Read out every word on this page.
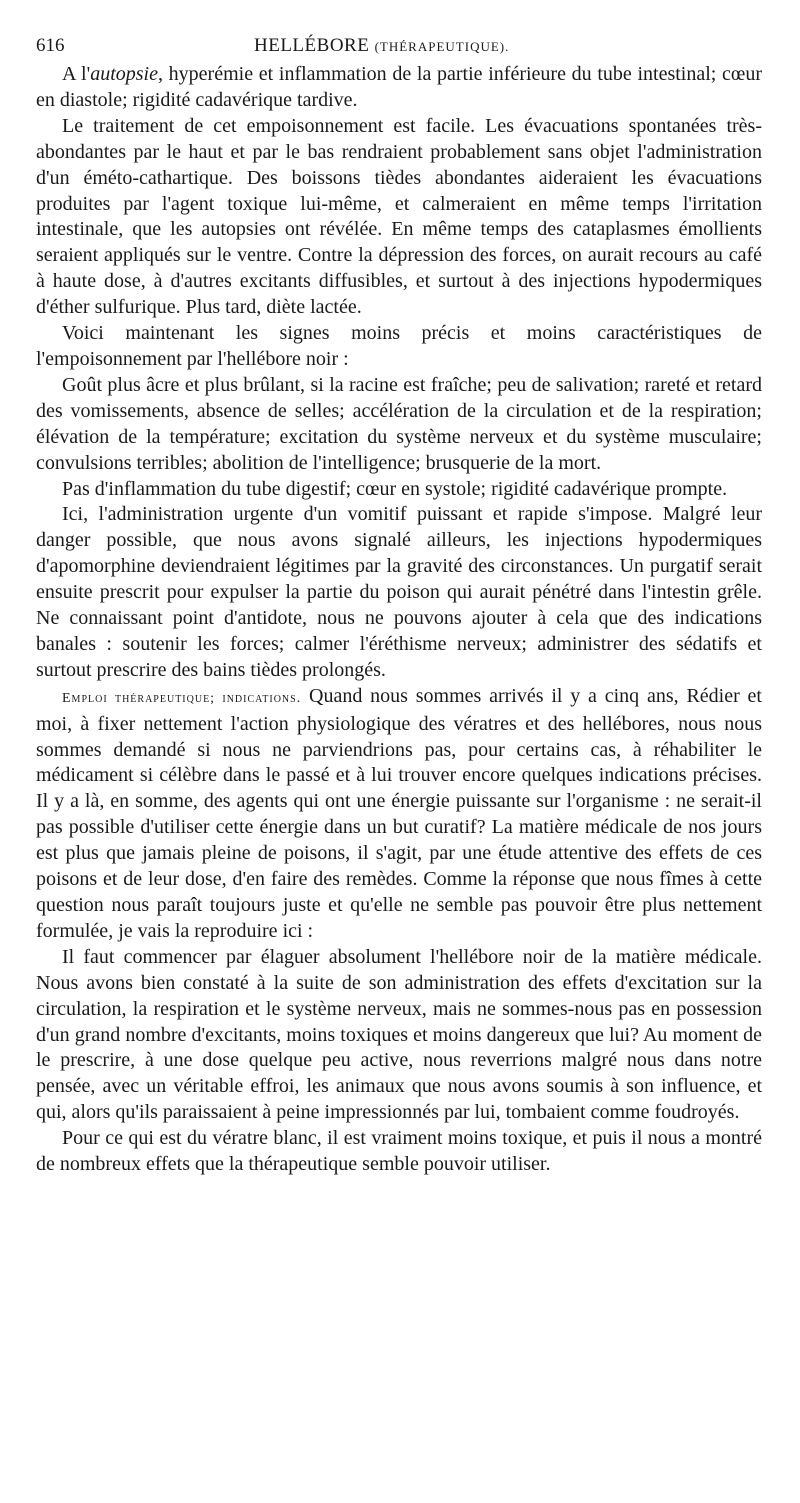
616	HELLÉBORE (THÉRAPEUTIQUE).

A l'autopsie, hyperémie et inflammation de la partie inférieure du tube intestinal; cœur en diastole; rigidité cadavérique tardive.

Le traitement de cet empoisonnement est facile. Les évacuations spontanées très-abondantes par le haut et par le bas rendraient probablement sans objet l'administration d'un éméto-cathartique. Des boissons tièdes abondantes aideraient les évacuations produites par l'agent toxique lui-même, et calmeraient en même temps l'irritation intestinale, que les autopsies ont révélée. En même temps des cataplasmes émollients seraient appliqués sur le ventre. Contre la dépression des forces, on aurait recours au café à haute dose, à d'autres excitants diffusibles, et surtout à des injections hypodermiques d'éther sulfurique. Plus tard, diète lactée.

Voici maintenant les signes moins précis et moins caractéristiques de l'empoisonnement par l'hellébore noir :

Goût plus âcre et plus brûlant, si la racine est fraîche; peu de salivation; rareté et retard des vomissements, absence de selles; accélération de la circulation et de la respiration; élévation de la température; excitation du système nerveux et du système musculaire; convulsions terribles; abolition de l'intelligence; brusquerie de la mort.

Pas d'inflammation du tube digestif; cœur en systole; rigidité cadavérique prompte.

Ici, l'administration urgente d'un vomitif puissant et rapide s'impose. Malgré leur danger possible, que nous avons signalé ailleurs, les injections hypodermiques d'apomorphine deviendraient légitimes par la gravité des circonstances. Un purgatif serait ensuite prescrit pour expulser la partie du poison qui aurait pénétré dans l'intestin grêle. Ne connaissant point d'antidote, nous ne pouvons ajouter à cela que des indications banales : soutenir les forces; calmer l'éréthisme nerveux; administrer des sédatifs et surtout prescrire des bains tièdes prolongés.

Emploi thérapeutique; indications. Quand nous sommes arrivés il y a cinq ans, Rédier et moi, à fixer nettement l'action physiologique des vératres et des hellébores, nous nous sommes demandé si nous ne parviendrions pas, pour certains cas, à réhabiliter le médicament si célèbre dans le passé et à lui trouver encore quelques indications précises. Il y a là, en somme, des agents qui ont une énergie puissante sur l'organisme : ne serait-il pas possible d'utiliser cette énergie dans un but curatif? La matière médicale de nos jours est plus que jamais pleine de poisons, il s'agit, par une étude attentive des effets de ces poisons et de leur dose, d'en faire des remèdes. Comme la réponse que nous fîmes à cette question nous paraît toujours juste et qu'elle ne semble pas pouvoir être plus nettement formulée, je vais la reproduire ici :

Il faut commencer par élaguer absolument l'hellébore noir de la matière médicale. Nous avons bien constaté à la suite de son administration des effets d'excitation sur la circulation, la respiration et le système nerveux, mais ne sommes-nous pas en possession d'un grand nombre d'excitants, moins toxiques et moins dangereux que lui? Au moment de le prescrire, à une dose quelque peu active, nous reverrions malgré nous dans notre pensée, avec un véritable effroi, les animaux que nous avons soumis à son influence, et qui, alors qu'ils paraissaient à peine impressionnés par lui, tombaient comme foudroyés.

Pour ce qui est du vératre blanc, il est vraiment moins toxique, et puis il nous a montré de nombreux effets que la thérapeutique semble pouvoir utiliser.
